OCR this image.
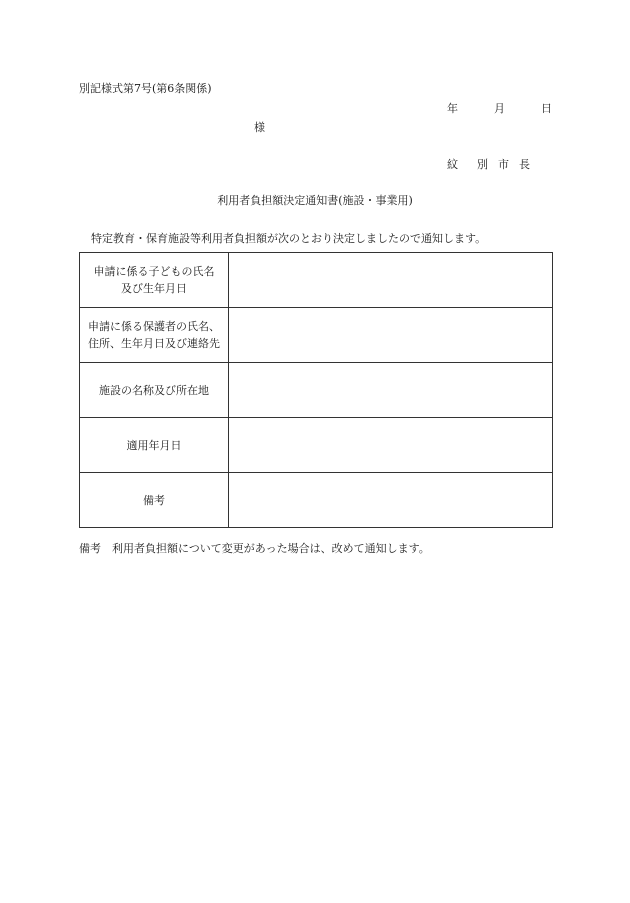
別記様式第7号(第6条関係)
年	月	日
様
紋 別 市 長
利用者負担額決定通知書(施設・事業用)
特定教育・保育施設等利用者負担額が次のとおり決定しましたので通知します。
申請に係る子どもの氏名
及び生年月日	

申請に係る保護者の氏名、
住所、生年月日及び連絡先	

施設の名称及び所在地	

適用年月日	

備考	

備考　利用者負担額について変更があった場合は、改めて通知します。
